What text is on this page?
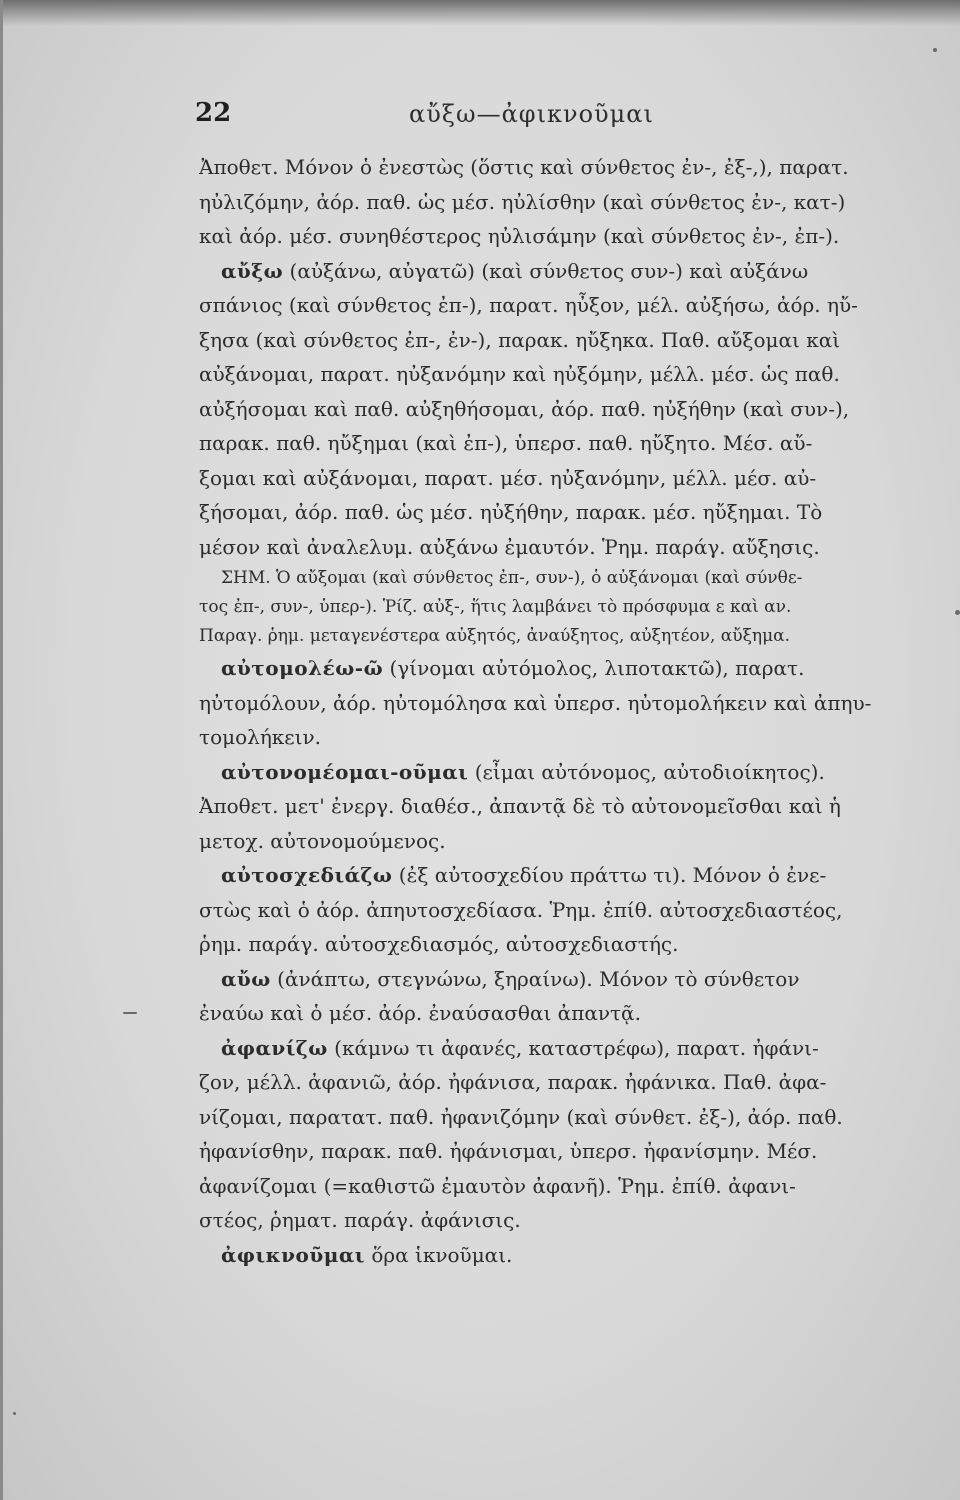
22	αὔξω—ἀφικνοῦμαι
Ἀποθετ. Μόνον ὁ ἐνεστὼς (ὅστις καὶ σύνθετος ἐν-, ἐξ-,), παρατ.
ηὐλιζόμην, ἀόρ. παθ. ὡς μέσ. ηὐλίσθην (καὶ σύνθετος ἐν-, κατ-)
καὶ ἀόρ. μέσ. συνηθέστερος ηὐλισάμην (καὶ σύνθετος ἐν-, ἐπ-).
αὔξω (αὐξάνω, αὐγατῶ) (καὶ σύνθετος συν-) καὶ αὐξάνω
σπάνιος (καὶ σύνθετος ἐπ-), παρατ. ηὖξον, μέλ. αὐξήσω, ἀόρ. ηὔ-
ξησα (καὶ σύνθετος ἐπ-, ἐν-), παρακ. ηὔξηκα. Παθ. αὔξομαι καὶ
αὐξάνομαι, παρατ. ηὐξανόμην καὶ ηὐξόμην, μέλλ. μέσ. ὡς παθ.
αὐξήσομαι καὶ παθ. αὐξηθήσομαι, ἀόρ. παθ. ηὐξήθην (καὶ συν-),
παρακ. παθ. ηὔξημαι (καὶ ἐπ-), ὑπερσ. παθ. ηὔξητο. Μέσ. αὔ-
ξομαι καὶ αὐξάνομαι, παρατ. μέσ. ηὐξανόμην, μέλλ. μέσ. αὐ-
ξήσομαι, ἀόρ. παθ. ὡς μέσ. ηὐξήθην, παρακ. μέσ. ηὔξημαι. Τὸ
μέσον καὶ ἀναλελυμ. αὐξάνω ἐμαυτόν. Ῥημ. παράγ. αὔξησις.
ΣΗΜ. Ὁ αὔξομαι (καὶ σύνθετος ἐπ-, συν-), ὁ αὐξάνομαι (καὶ σύνθε-
τος ἐπ-, συν-, ὑπερ-). Ῥίζ. αὐξ-, ἥτις λαμβάνει τὸ πρόσφυμα ε καὶ αν.
Παραγ. ῥημ. μεταγενέστερα αὐξητός, ἀναύξητος, αὐξητέον, αὔξημα.
αὐτομολέω-ῶ (γίνομαι αὐτόμολος, λιποτακτῶ), παρατ.
ηὐτομόλουν, ἀόρ. ηὐτομόλησα καὶ ὑπερσ. ηὐτομολήκειν καὶ ἀπηυ-
τομολήκειν.
αὐτονομέομαι-οῦμαι (εἶμαι αὐτόνομος, αὐτοδιοίκητος).
Ἀποθετ. μετ' ἐνεργ. διαθέσ., ἀπαντᾷ δὲ τὸ αὐτονομεῖσθαι καὶ ἡ
μετοχ. αὐτονομούμενος.
αὐτοσχεδιάζω (ἐξ αὐτοσχεδίου πράττω τι). Μόνον ὁ ἐνε-
στὼς καὶ ὁ ἀόρ. ἀπηυτοσχεδίασα. Ῥημ. ἐπίθ. αὐτοσχεδιαστέος,
ῥημ. παράγ. αὐτοσχεδιασμός, αὐτοσχεδιαστής.
αὔω (ἀνάπτω, στεγνώνω, ξηραίνω). Μόνον τὸ σύνθετον
ἐναύω καὶ ὁ μέσ. ἀόρ. ἐναύσασθαι ἀπαντᾷ.
ἀφανίζω (κάμνω τι ἀφανές, καταστρέφω), παρατ. ἠφάνι-
ζον, μέλλ. ἀφανιῶ, ἀόρ. ἠφάνισα, παρακ. ἠφάνικα. Παθ. ἀφα-
νίζομαι, παρατατ. παθ. ἠφανιζόμην (καὶ σύνθετ. ἐξ-), ἀόρ. παθ.
ἠφανίσθην, παρακ. παθ. ἠφάνισμαι, ὑπερσ. ἠφανίσμην. Μέσ.
ἀφανίζομαι (=καθιστῶ ἐμαυτὸν ἀφανῆ). Ῥημ. ἐπίθ. ἀφανι-
στέος, ῥηματ. παράγ. ἀφάνισις.
ἀφικνοῦμαι ὅρα ἱκνοῦμαι.
